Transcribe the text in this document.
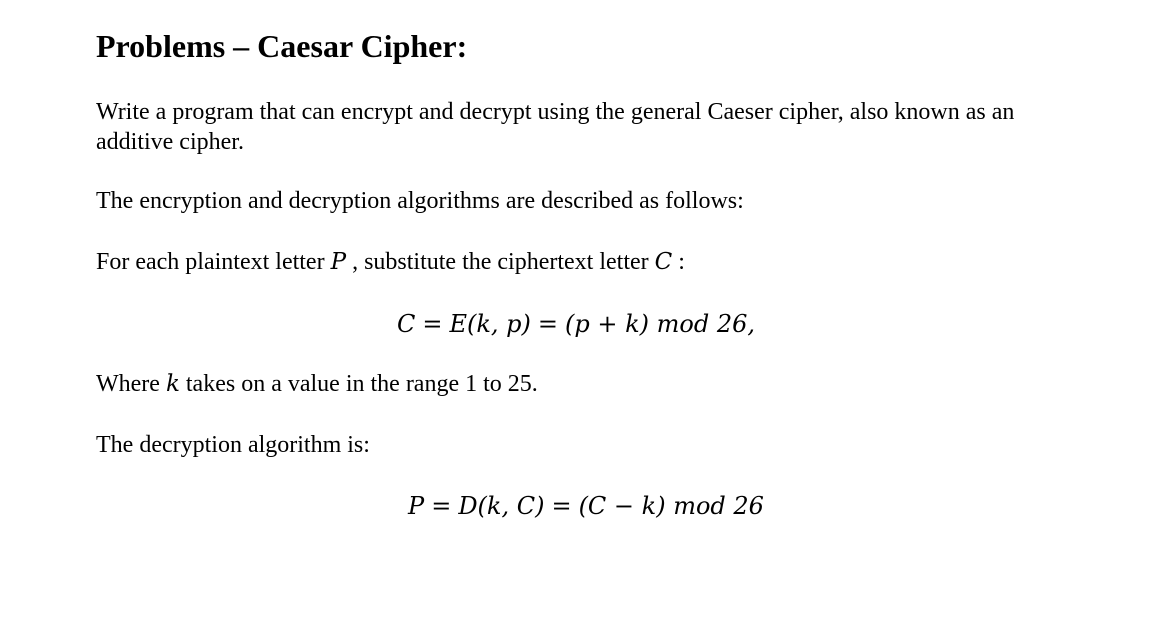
Problems – Caesar Cipher:

Write a program that can encrypt and decrypt using the general Caeser cipher, also known as an additive cipher.

The encryption and decryption algorithms are described as follows:

For each plaintext letter P , substitute the ciphertext letter C :

C = E(k, p) = (p + k) mod 26,

Where k takes on a value in the range 1 to 25.

The decryption algorithm is:

P = D(k, C) = (C − k) mod 26
